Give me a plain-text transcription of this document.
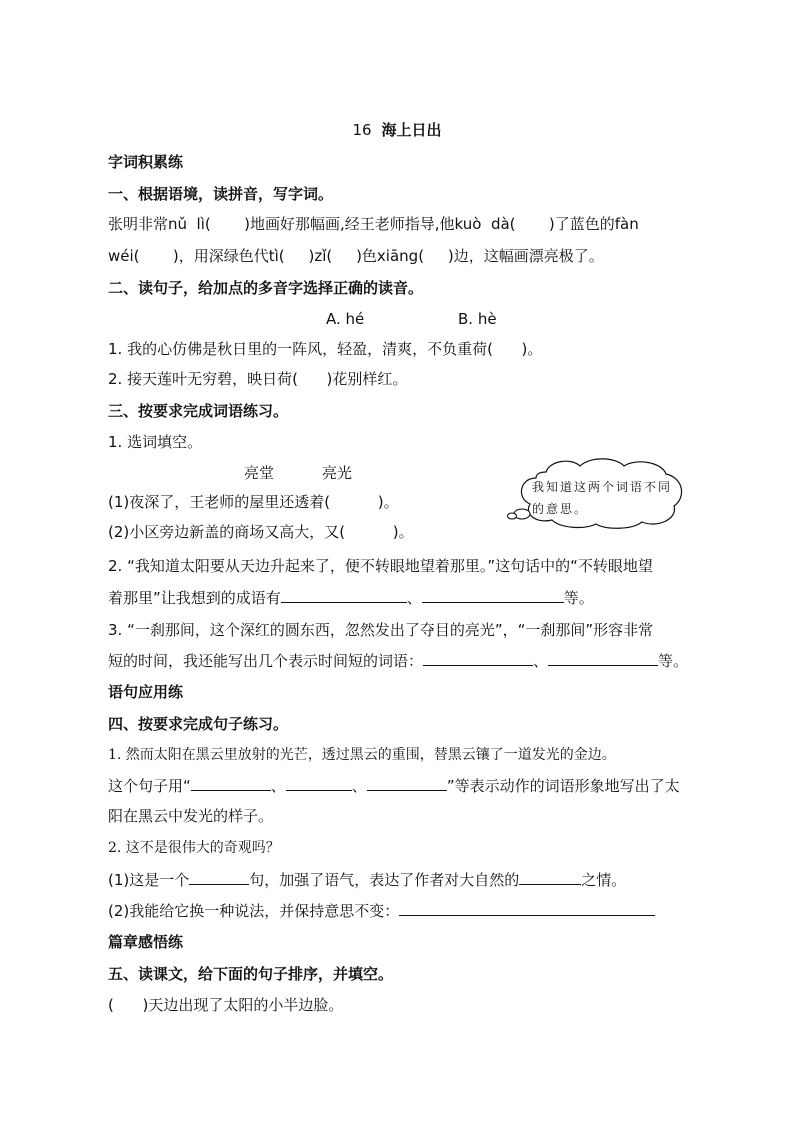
16 海上日出
字词积累练
一、根据语境，读拼音，写字词。
张明非常nǔ  lì(       )地画好那幅画,经王老师指导,他kuò  dà(       )了蓝色的fàn
wéi(       )，用深绿色代tì(     )zǐ(     )色xiāng(     )边，这幅画漂亮极了。
二、读句子，给加点的多音字选择正确的读音。
A. hé	B. hè
1. 我的心仿佛是秋日里的一阵风，轻盈，清爽，不负重荷(      )。
2. 接天莲叶无穷碧，映日荷(      )花别样红。
三、按要求完成词语练习。
1. 选词填空。
亮堂	亮光
(1)夜深了，王老师的屋里还透着(          )。
(2)小区旁边新盖的商场又高大，又(          )。
我知道这两个词语不同的意思。
2. “我知道太阳要从天边升起来了，便不转眼地望着那里。”这句话中的“不转眼地望
着那里”让我想到的成语有	、	等。
3. “一刹那间，这个深红的圆东西，忽然发出了夺目的亮光”，“一刹那间”形容非常
短的时间，我还能写出几个表示时间短的词语：	、	等。
语句应用练
四、按要求完成句子练习。
1. 然而太阳在黑云里放射的光芒，透过黑云的重围，替黑云镶了一道发光的金边。
这个句子用“	、	、	”等表示动作的词语形象地写出了太
阳在黑云中发光的样子。
2. 这不是很伟大的奇观吗？
(1)这是一个	句，加强了语气，表达了作者对大自然的	之情。
(2)我能给它换一种说法，并保持意思不变：
篇章感悟练
五、读课文，给下面的句子排序，并填空。
(      )天边出现了太阳的小半边脸。
